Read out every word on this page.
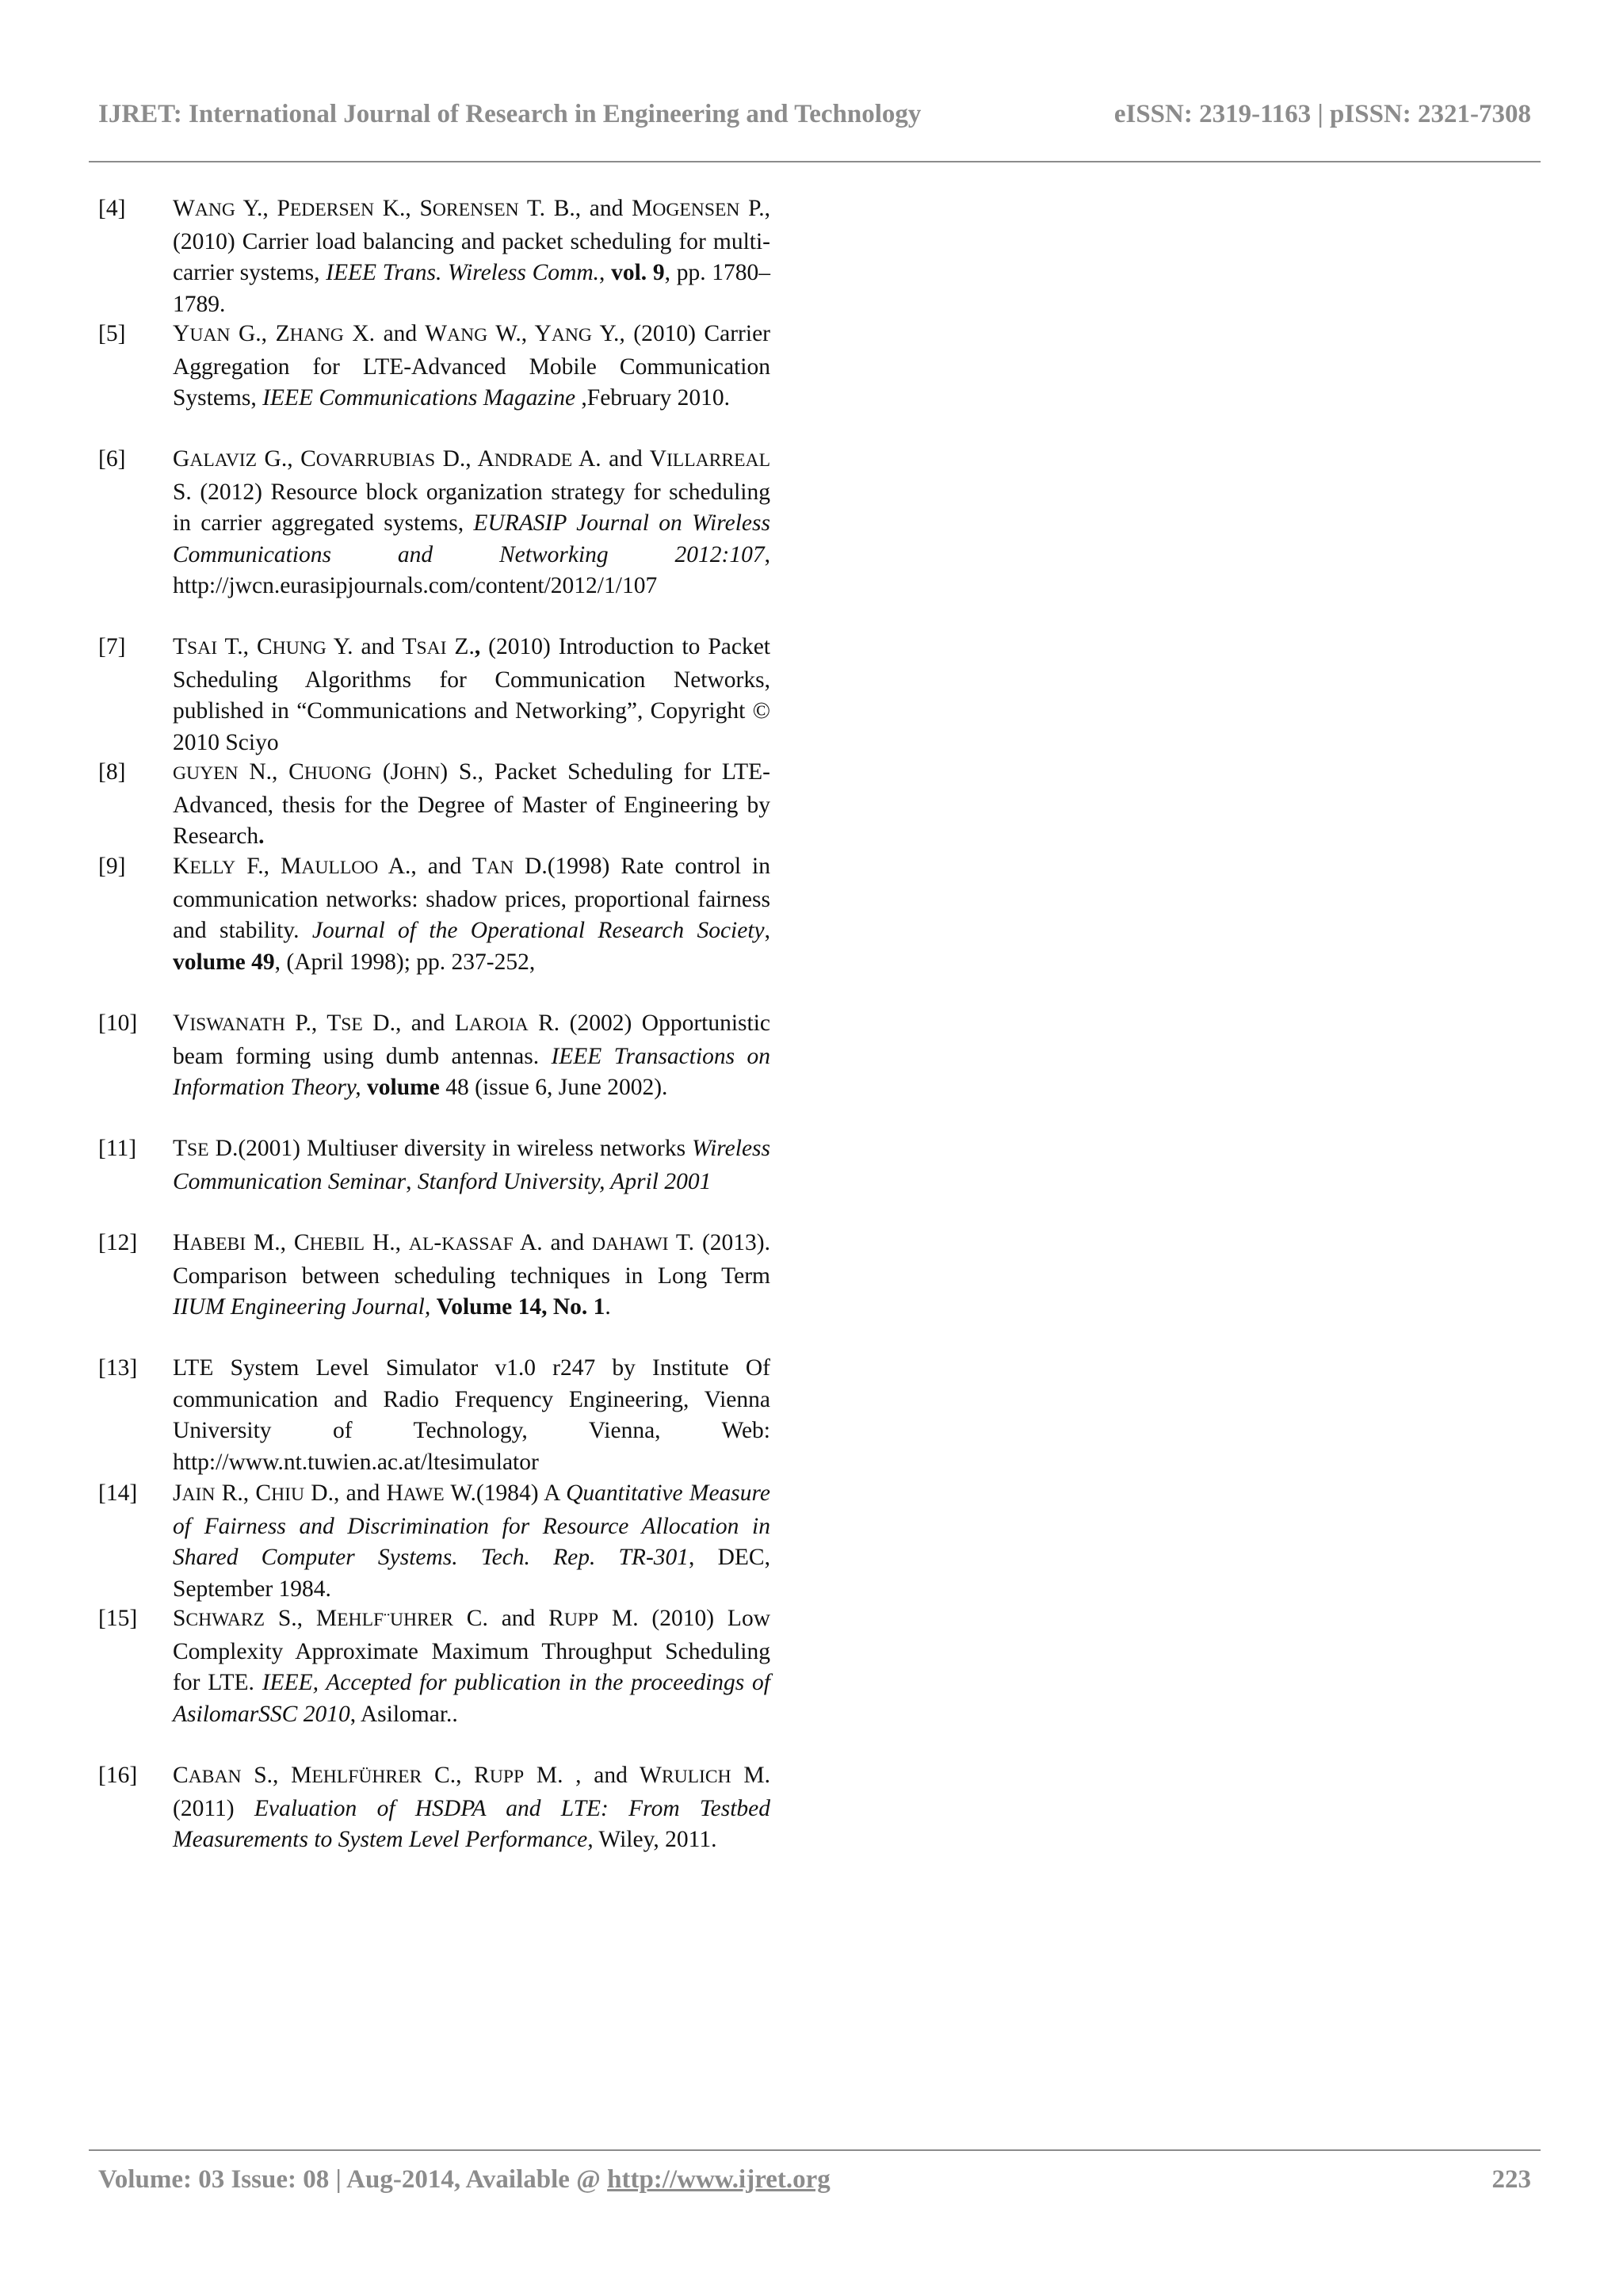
IJRET: International Journal of Research in Engineering and Technology	eISSN: 2319-1163 | pISSN: 2321-7308
[4]	WANG Y., PEDERSEN K., SORENSEN T. B., and MOGENSEN P., (2010) Carrier load balancing and packet scheduling for multi-carrier systems, IEEE Trans. Wireless Comm., vol. 9, pp. 1780–1789.
[5]	YUAN G., ZHANG X. and WANG W., YANG Y., (2010) Carrier Aggregation for LTE-Advanced Mobile Communication Systems, IEEE Communications Magazine ,February 2010.
[6]	GALAVIZ G., COVARRUBIAS D., ANDRADE A. and VILLARREAL S. (2012) Resource block organization strategy for scheduling in carrier aggregated systems, EURASIP Journal on Wireless Communications and Networking 2012:107, http://jwcn.eurasipjournals.com/content/2012/1/107
[7]	TSAI T., CHUNG Y. and TSAI Z., (2010) Introduction to Packet Scheduling Algorithms for Communication Networks, published in “Communications and Networking”, Copyright © 2010 Sciyo
[8]	GUYEN N., CHUONG (JOHN) S., Packet Scheduling for LTE-Advanced, thesis for the Degree of Master of Engineering by Research.
[9]	KELLY F., MAULLOO A., and TAN D.(1998) Rate control in communication networks: shadow prices, proportional fairness and stability. Journal of the Operational Research Society, volume 49, (April 1998); pp. 237-252,
[10]	VISWANATH P., TSE D., and LAROIA R. (2002) Opportunistic beam forming using dumb antennas. IEEE Transactions on Information Theory, volume 48 (issue 6, June 2002).
[11]	TSE D.(2001) Multiuser diversity in wireless networks Wireless Communication Seminar, Stanford University, April 2001
[12]	HABEBI M., CHEBIL H., AL-KASSAF A. and DAHAWI T. (2013). Comparison between scheduling techniques in Long Term IIUM Engineering Journal, Volume 14, No. 1.
[13]	LTE System Level Simulator v1.0 r247 by Institute Of communication and Radio Frequency Engineering, Vienna University of Technology, Vienna, Web: http://www.nt.tuwien.ac.at/ltesimulator
[14]	JAIN R., CHIU D., and HAWE W.(1984) A Quantitative Measure of Fairness and Discrimination for Resource Allocation in Shared Computer Systems. Tech. Rep. TR-301, DEC, September 1984.
[15]	SCHWARZ S., MEHLF¨UHRER C. and RUPP M. (2010) Low Complexity Approximate Maximum Throughput Scheduling for LTE. IEEE, Accepted for publication in the proceedings of AsilomarSSC 2010, Asilomar..
[16]	CABAN S., MEHLFÜHRER C., RUPP M. , and WRULICH M. (2011) Evaluation of HSDPA and LTE: From Testbed Measurements to System Level Performance, Wiley, 2011.
Volume: 03 Issue: 08 | Aug-2014, Available @ http://www.ijret.org	223
